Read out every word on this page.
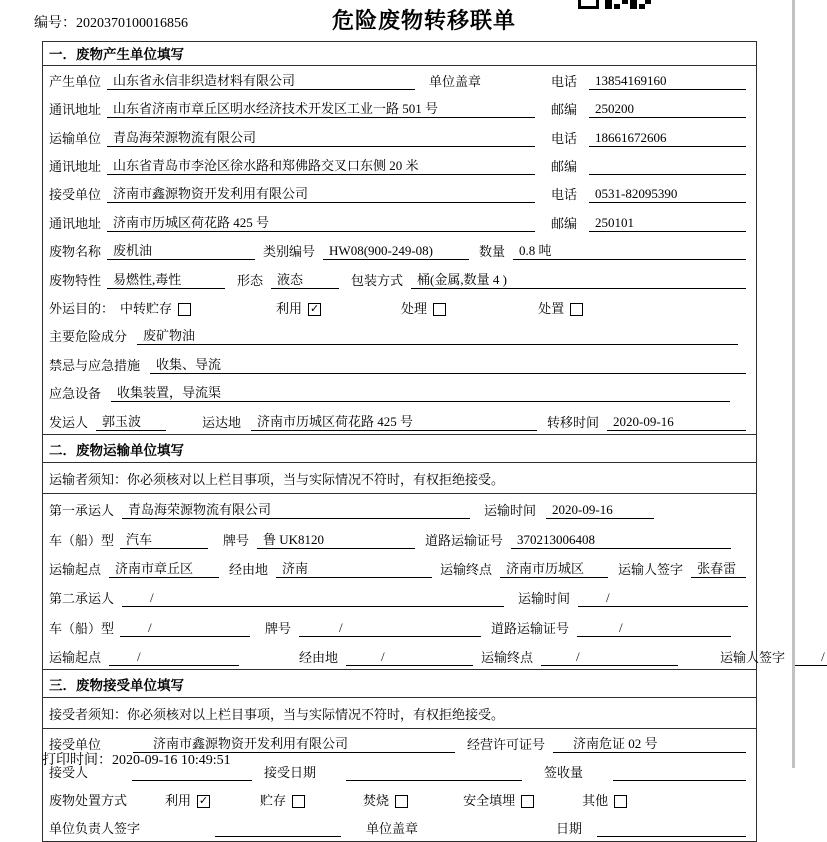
编号：2020370100016856	危险废物转移联单
一．废物产生单位填写
产生单位 山东省永信非织造材料有限公司	单位盖章	电话	13854169160
通讯地址 山东省济南市章丘区明水经济技术开发区工业一路 501 号	邮编	250200
运输单位 青岛海荣源物流有限公司	电话	18661672606
通讯地址 山东省青岛市李沧区徐水路和郑佛路交叉口东侧 20 米	邮编
接受单位 济南市鑫源物资开发利用有限公司	电话	0531-82095390
通讯地址 济南市历城区荷花路 425 号	邮编	250101
废物名称 废机油	类别编号	HW08(900-249-08)	数量	0.8 吨
废物特性 易燃性,毒性	形态	液态	包装方式	桶(金属,数量 4 )
外运目的： 中转贮存	利用 ✓	处理	处置
主要危险成分	废矿物油
禁忌与应急措施	收集、导流
应急设备	收集装置，导流渠
发运人	郭玉波	运达地	济南市历城区荷花路 425 号	转移时间	2020-09-16
二．废物运输单位填写
运输者须知：你必须核对以上栏目事项，当与实际情况不符时，有权拒绝接受。
第一承运人	青岛海荣源物流有限公司	运输时间	2020-09-16
车（船）型 汽车	牌号	鲁 UK8120	道路运输证号	370213006408
运输起点	济南市章丘区	经由地	济南	运输终点	济南市历城区	运输人签字	张春雷
第二承运人	/	运输时间	/
车（船）型	/	牌号	/	道路运输证号	/
运输起点	/	经由地	/	运输终点	/	运输人签字	/
三．废物接受单位填写
接受者须知：你必须核对以上栏目事项，当与实际情况不符时，有权拒绝接受。
接受单位	济南市鑫源物资开发利用有限公司	经营许可证号	济南危证 02 号
接受人	接受日期	签收量
废物处置方式	利用 ✓	贮存	焚烧	安全填埋	其他
单位负责人签字	单位盖章	日期
打印时间：2020-09-16 10:49:51
